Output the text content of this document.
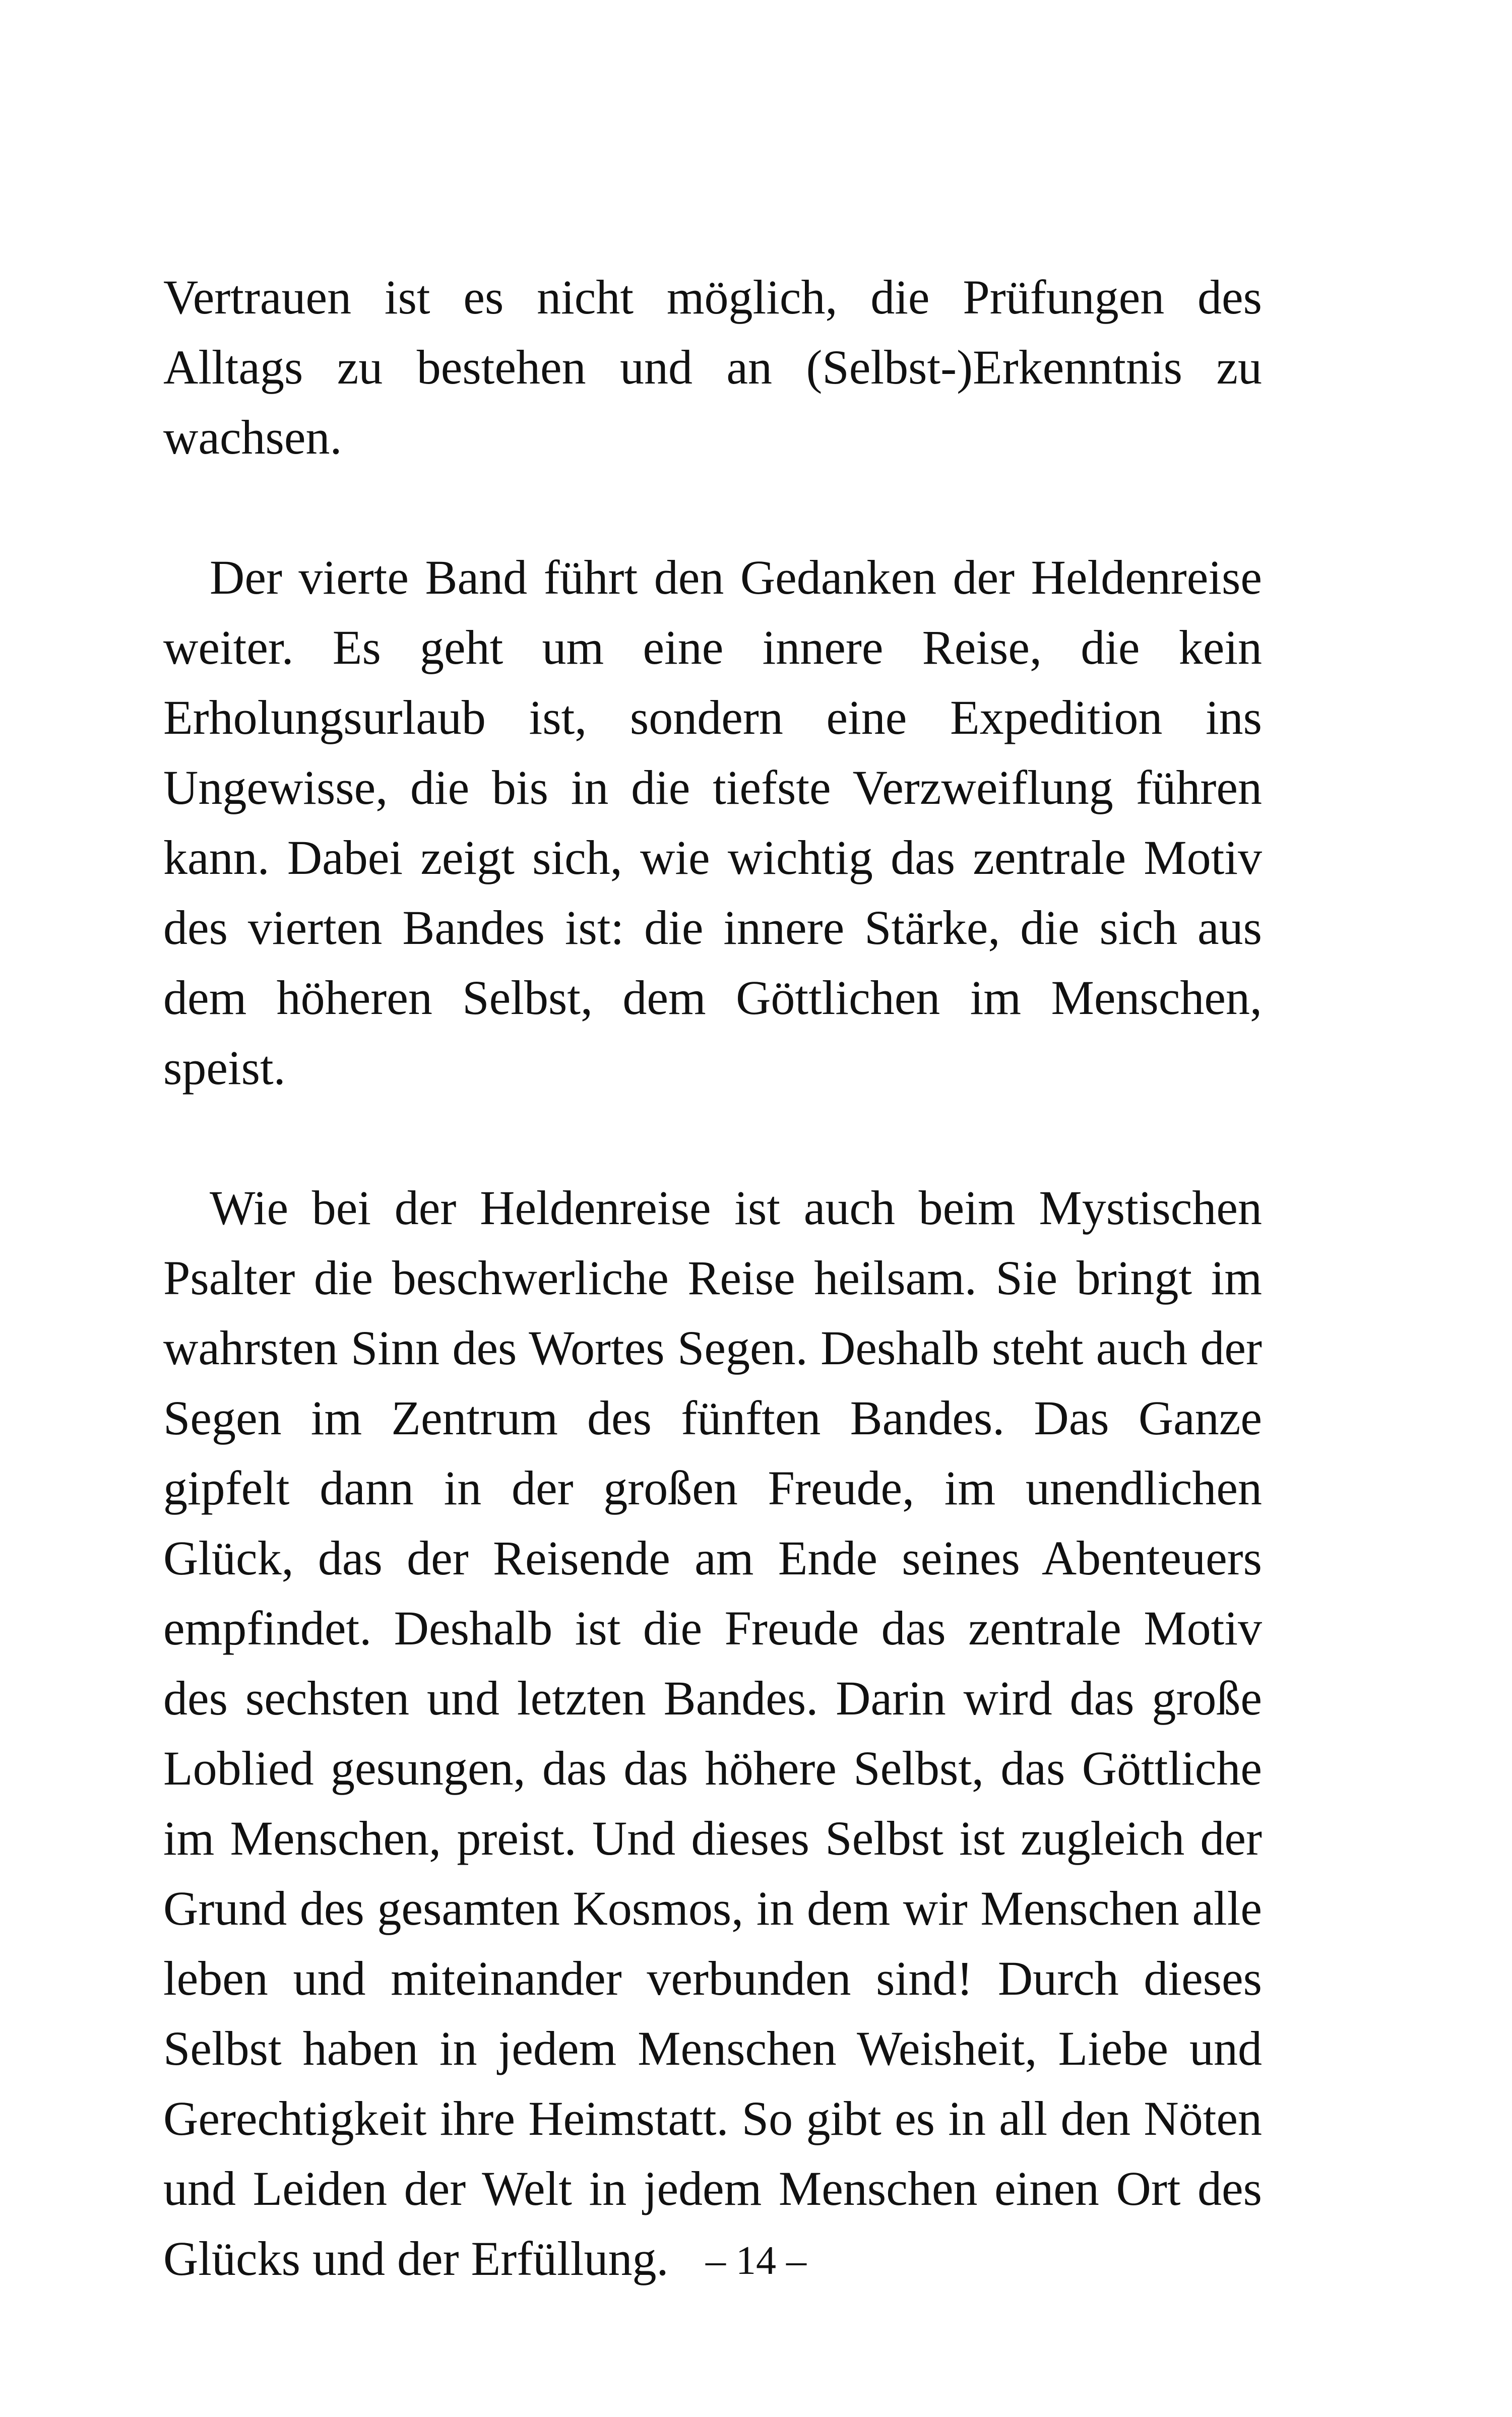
Vertrauen ist es nicht möglich, die Prüfungen des Alltags zu bestehen und an (Selbst-)Erkenntnis zu wachsen.

Der vierte Band führt den Gedanken der Heldenreise weiter. Es geht um eine innere Reise, die kein Erholungsurlaub ist, sondern eine Expedition ins Ungewisse, die bis in die tiefste Verzweiflung führen kann. Dabei zeigt sich, wie wichtig das zentrale Motiv des vierten Bandes ist: die innere Stärke, die sich aus dem höheren Selbst, dem Göttlichen im Menschen, speist.

Wie bei der Heldenreise ist auch beim Mystischen Psalter die beschwerliche Reise heilsam. Sie bringt im wahrsten Sinn des Wortes Segen. Deshalb steht auch der Segen im Zentrum des fünften Bandes. Das Ganze gipfelt dann in der großen Freude, im unendlichen Glück, das der Reisende am Ende seines Abenteuers empfindet. Deshalb ist die Freude das zentrale Motiv des sechsten und letzten Bandes. Darin wird das große Loblied gesungen, das das höhere Selbst, das Göttliche im Menschen, preist. Und dieses Selbst ist zugleich der Grund des gesamten Kosmos, in dem wir Menschen alle leben und miteinander verbunden sind! Durch dieses Selbst haben in jedem Menschen Weisheit, Liebe und Gerechtigkeit ihre Heimstatt. So gibt es in all den Nöten und Leiden der Welt in jedem Menschen einen Ort des Glücks und der Erfüllung. – 14 –
